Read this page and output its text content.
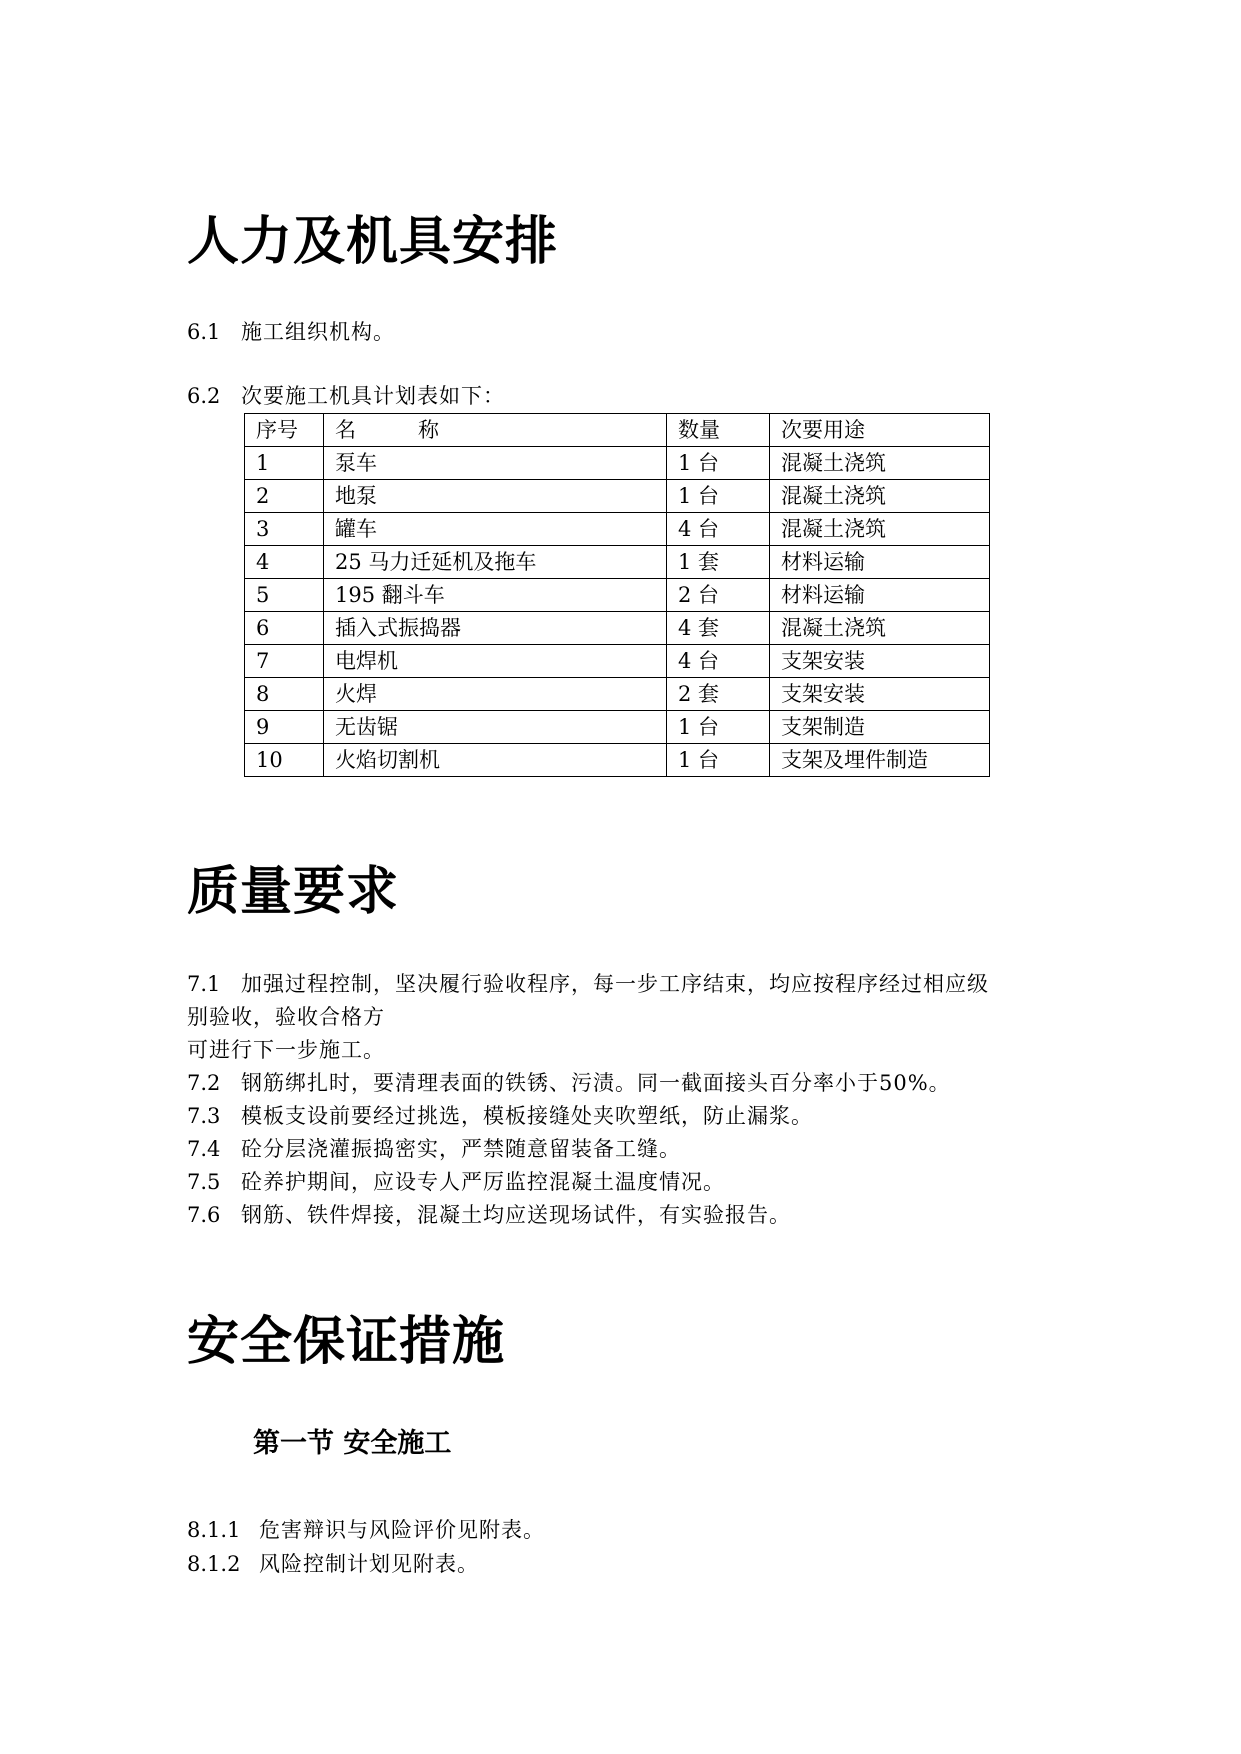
人力及机具安排
6.1 施工组织机构。
6.2 次要施工机具计划表如下：
序号	名 称	数量	次要用途
1	泵车	1 台	混凝土浇筑
2	地泵	1 台	混凝土浇筑
3	罐车	4 台	混凝土浇筑
4	25 马力迁延机及拖车	1 套	材料运输
5	195 翻斗车	2 台	材料运输
6	插入式振捣器	4 套	混凝土浇筑
7	电焊机	4 台	支架安装
8	火焊	2 套	支架安装
9	无齿锯	1 台	支架制造
10	火焰切割机	1 台	支架及埋件制造
质量要求
7.1 加强过程控制，坚决履行验收程序，每一步工序结束，均应按程序经过相应级
别验收，验收合格方
可进行下一步施工。
7.2 钢筋绑扎时，要清理表面的铁锈、污渍。同一截面接头百分率小于50%。
7.3 模板支设前要经过挑选，模板接缝处夹吹塑纸，防止漏浆。
7.4 砼分层浇灌振捣密实，严禁随意留装备工缝。
7.5 砼养护期间，应设专人严厉监控混凝土温度情况。
7.6 钢筋、铁件焊接，混凝土均应送现场试件，有实验报告。
安全保证措施
第一节 安全施工
8.1.1 危害辩识与风险评价见附表。
8.1.2 风险控制计划见附表。
